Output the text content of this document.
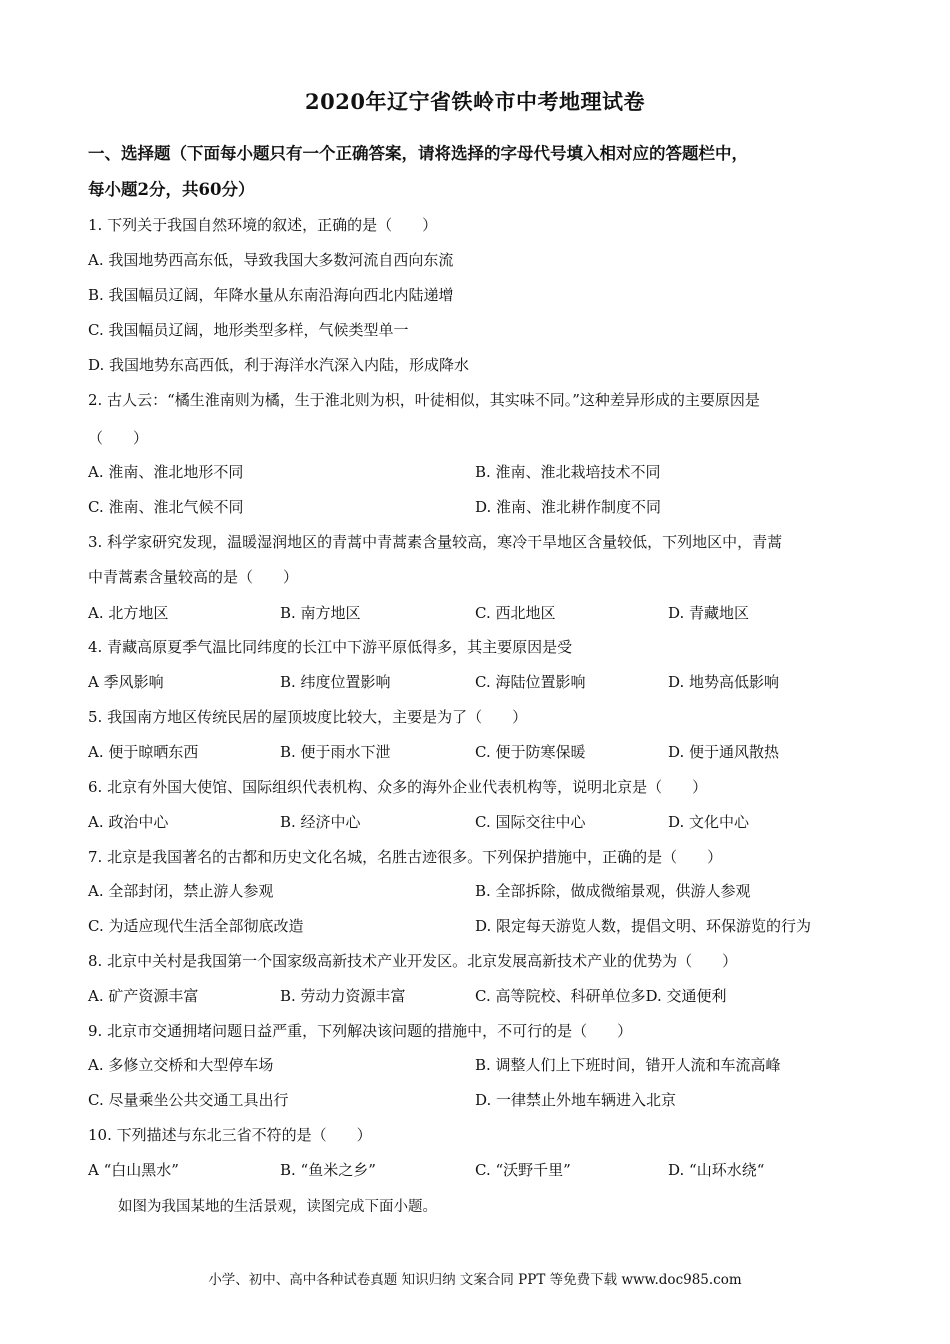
2020年辽宁省铁岭市中考地理试卷
一、选择题（下面每小题只有一个正确答案，请将选择的字母代号填入相对应的答题栏中，
每小题2分，共60分）
1. 下列关于我国自然环境的叙述，正确的是（　　）
A. 我国地势西高东低，导致我国大多数河流自西向东流
B. 我国幅员辽阔，年降水量从东南沿海向西北内陆递增
C. 我国幅员辽阔，地形类型多样，气候类型单一
D. 我国地势东高西低，利于海洋水汽深入内陆，形成降水
2. 古人云：“橘生淮南则为橘，生于淮北则为枳，叶徒相似，其实味不同。”这种差异形成的主要原因是
（　　）
A. 淮南、淮北地形不同	B. 淮南、淮北栽培技术不同
C. 淮南、淮北气候不同	D. 淮南、淮北耕作制度不同
3. 科学家研究发现，温暖湿润地区的青蒿中青蒿素含量较高，寒冷干旱地区含量较低，下列地区中，青蒿
中青蒿素含量较高的是（　　）
A. 北方地区	B. 南方地区	C. 西北地区	D. 青藏地区
4. 青藏高原夏季气温比同纬度的长江中下游平原低得多，其主要原因是受
A 季风影响	B. 纬度位置影响	C. 海陆位置影响	D. 地势高低影响
5. 我国南方地区传统民居的屋顶坡度比较大，主要是为了（　　）
A. 便于晾晒东西	B. 便于雨水下泄	C. 便于防寒保暖	D. 便于通风散热
6. 北京有外国大使馆、国际组织代表机构、众多的海外企业代表机构等，说明北京是（　　）
A. 政治中心	B. 经济中心	C. 国际交往中心	D. 文化中心
7. 北京是我国著名的古都和历史文化名城，名胜古迹很多。下列保护措施中，正确的是（　　）
A. 全部封闭，禁止游人参观	B. 全部拆除，做成微缩景观，供游人参观
C. 为适应现代生活全部彻底改造	D. 限定每天游览人数，提倡文明、环保游览的行为
8. 北京中关村是我国第一个国家级高新技术产业开发区。北京发展高新技术产业的优势为（　　）
A. 矿产资源丰富	B. 劳动力资源丰富	C. 高等院校、科研单位多D. 交通便利
9. 北京市交通拥堵问题日益严重，下列解决该问题的措施中，不可行的是（　　）
A. 多修立交桥和大型停车场	B. 调整人们上下班时间，错开人流和车流高峰
C. 尽量乘坐公共交通工具出行	D. 一律禁止外地车辆进入北京
10. 下列描述与东北三省不符的是（　　）
A “白山黑水”	B. “鱼米之乡”	C. “沃野千里”	D. “山环水绕“
如图为我国某地的生活景观，读图完成下面小题。
小学、初中、高中各种试卷真题 知识归纳 文案合同 PPT 等免费下载 www.doc985.com
